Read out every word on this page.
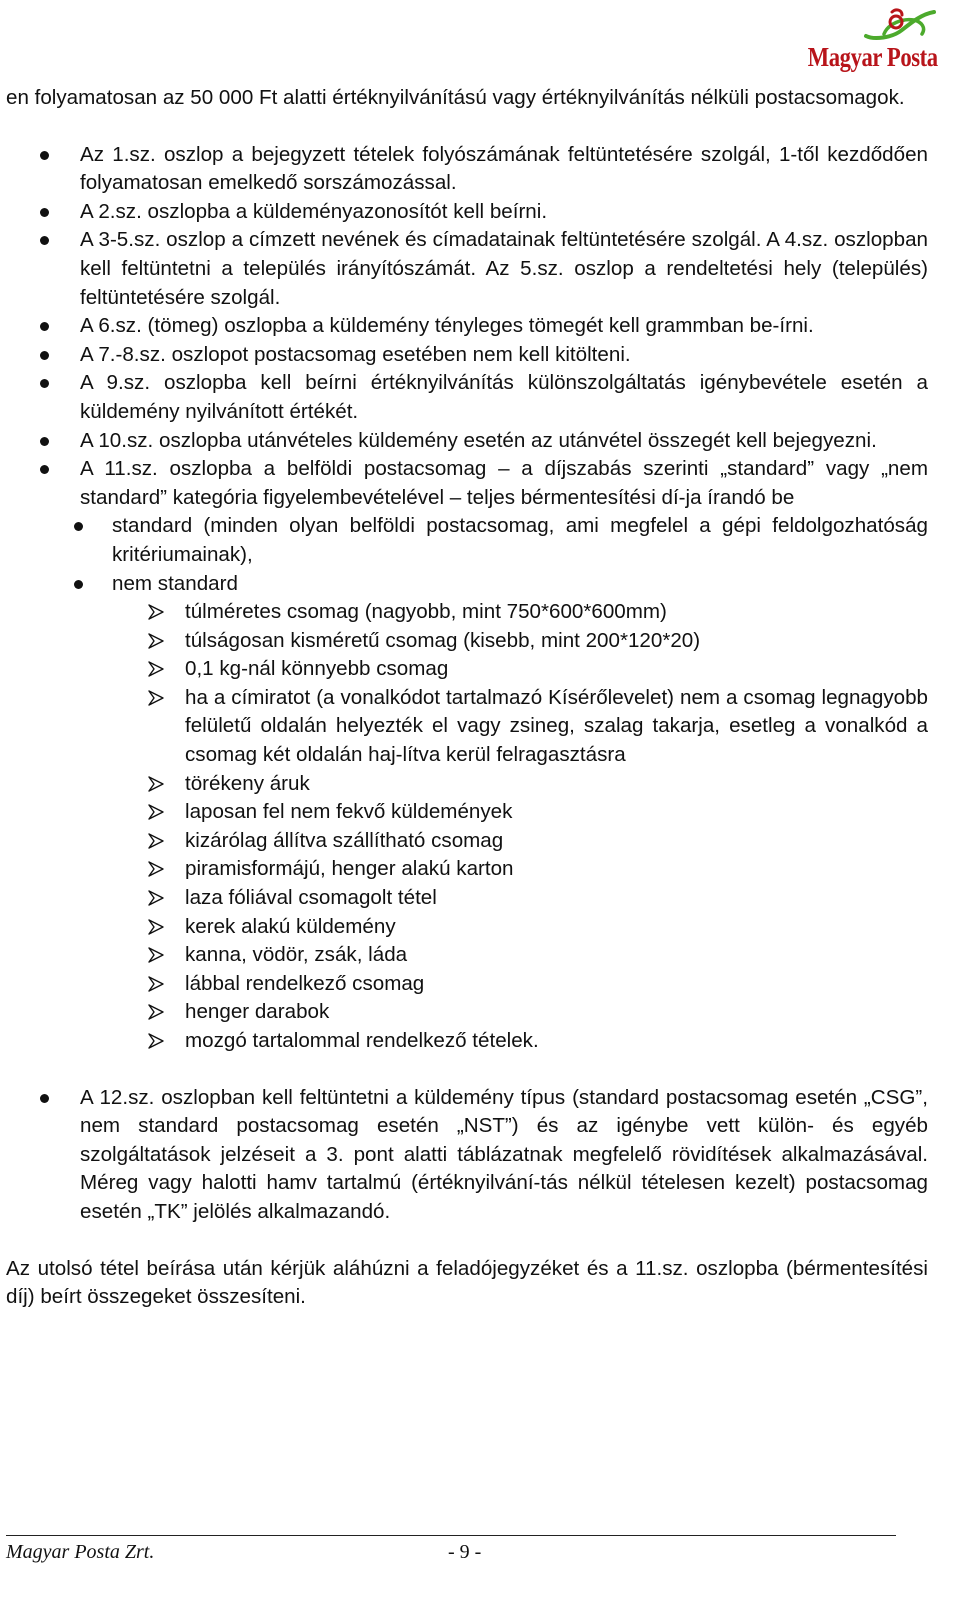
Magyar Posta

en folyamatosan az 50 000 Ft alatti értéknyilvánítású vagy értéknyilvánítás nélküli postacsomagok.

Az 1.sz. oszlop a bejegyzett tételek folyószámának feltüntetésére szolgál, 1-től kezdődően folyamatosan emelkedő sorszámozással.
A 2.sz. oszlopba a küldeményazonosítót kell beírni.
A 3-5.sz. oszlop a címzett nevének és címadatainak feltüntetésére szolgál. A 4.sz. oszlopban kell feltüntetni a település irányítószámát. Az 5.sz. oszlop a rendeltetési hely (település) feltüntetésére szolgál.
A 6.sz. (tömeg) oszlopba a küldemény tényleges tömegét kell grammban be-írni.
A 7.-8.sz. oszlopot postacsomag esetében nem kell kitölteni.
A 9.sz. oszlopba kell beírni értéknyilvánítás különszolgáltatás igénybevétele esetén a küldemény nyilvánított értékét.
A 10.sz. oszlopba utánvételes küldemény esetén az utánvétel összegét kell bejegyezni.
A 11.sz. oszlopba a belföldi postacsomag – a díjszabás szerinti „standard” vagy „nem standard” kategória figyelembevételével – teljes bérmentesítési dí-ja írandó be
standard (minden olyan belföldi postacsomag, ami megfelel a gépi feldolgozhatóság kritériumainak),
nem standard
túlméretes csomag (nagyobb, mint 750*600*600mm)
túlságosan kisméretű csomag (kisebb, mint 200*120*20)
0,1 kg-nál könnyebb csomag
ha a címiratot (a vonalkódot tartalmazó Kísérőlevelet) nem a csomag legnagyobb felületű oldalán helyezték el vagy zsineg, szalag takarja, esetleg a vonalkód a csomag két oldalán haj-lítva kerül felragasztásra
törékeny áruk
laposan fel nem fekvő küldemények
kizárólag állítva szállítható csomag
piramisformájú, henger alakú karton
laza fóliával csomagolt tétel
kerek alakú küldemény
kanna, vödör, zsák, láda
lábbal rendelkező csomag
henger darabok
mozgó tartalommal rendelkező tételek.
A 12.sz. oszlopban kell feltüntetni a küldemény típus (standard postacsomag esetén „CSG”, nem standard postacsomag esetén „NST”) és az igénybe vett külön- és egyéb szolgáltatások jelzéseit a 3. pont alatti táblázatnak megfelelő rövidítések alkalmazásával. Méreg vagy halotti hamv tartalmú (értéknyilvání-tás nélkül tételesen kezelt) postacsomag esetén „TK” jelölés alkalmazandó.

Az utolsó tétel beírása után kérjük aláhúzni a feladójegyzéket és a 11.sz. oszlopba (bérmentesítési díj) beírt összegeket összesíteni.

Magyar Posta Zrt.	- 9 -
